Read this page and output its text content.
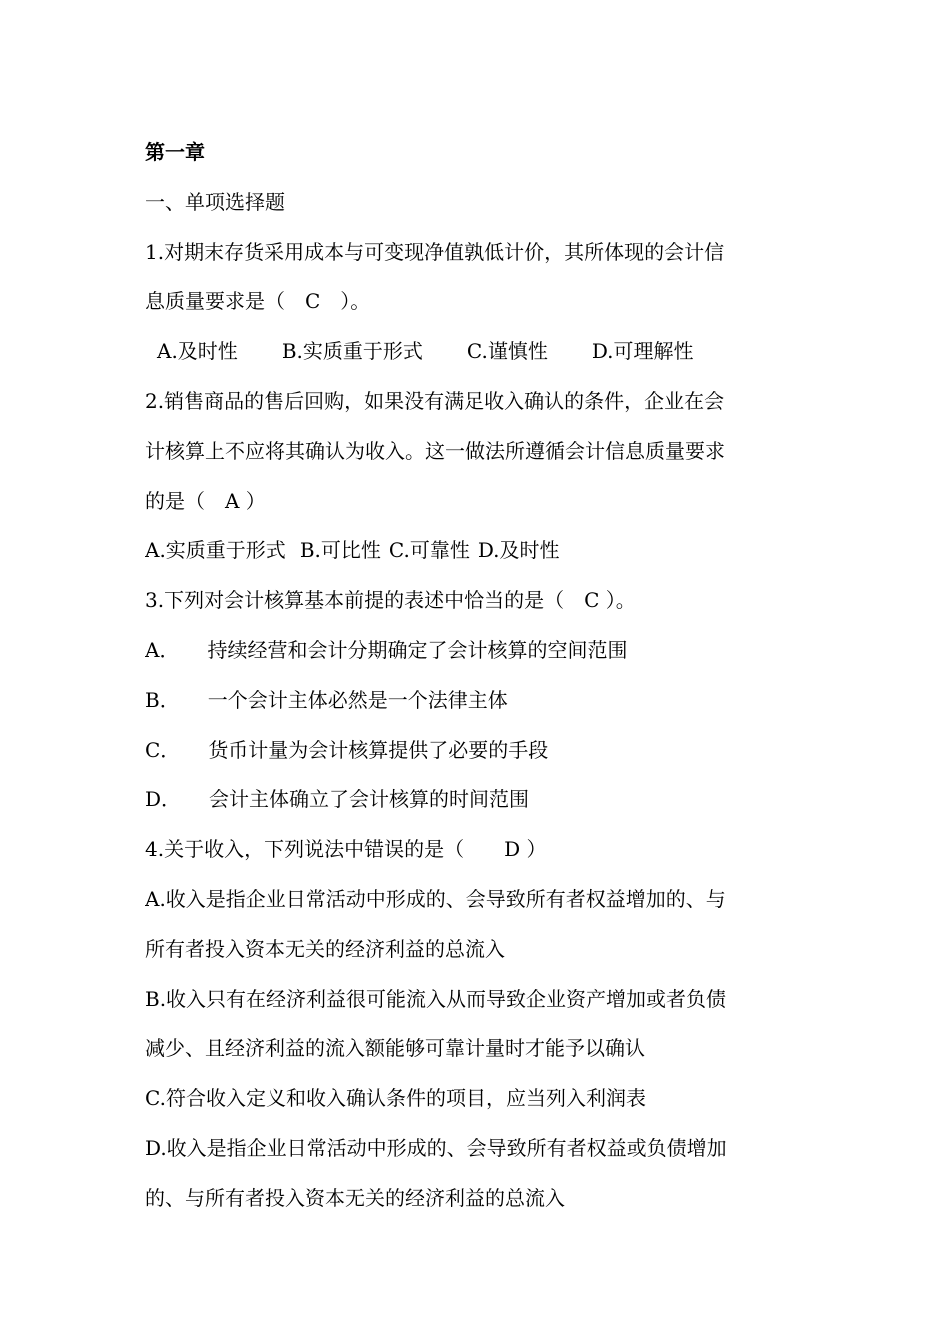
第一章
一、单项选择题
1.对期末存货采用成本与可变现净值孰低计价，其所体现的会计信
息质量要求是（　C　）。
A.及时性 B.实质重于形式 C.谨慎性 D.可理解性
2.销售商品的售后回购，如果没有满足收入确认的条件，企业在会
计核算上不应将其确认为收入。这一做法所遵循会计信息质量要求
的是（　A ）
A.实质重于形式 B.可比性 C.可靠性 D.及时性
3.下列对会计核算基本前提的表述中恰当的是（　C ）。
A． 持续经营和会计分期确定了会计核算的空间范围
B． 一个会计主体必然是一个法律主体
C． 货币计量为会计核算提供了必要的手段
D． 会计主体确立了会计核算的时间范围
4.关于收入，下列说法中错误的是（　　D ）
A.收入是指企业日常活动中形成的、会导致所有者权益增加的、与
所有者投入资本无关的经济利益的总流入
B.收入只有在经济利益很可能流入从而导致企业资产增加或者负债
减少、且经济利益的流入额能够可靠计量时才能予以确认
C.符合收入定义和收入确认条件的项目，应当列入利润表
D.收入是指企业日常活动中形成的、会导致所有者权益或负债增加
的、与所有者投入资本无关的经济利益的总流入
